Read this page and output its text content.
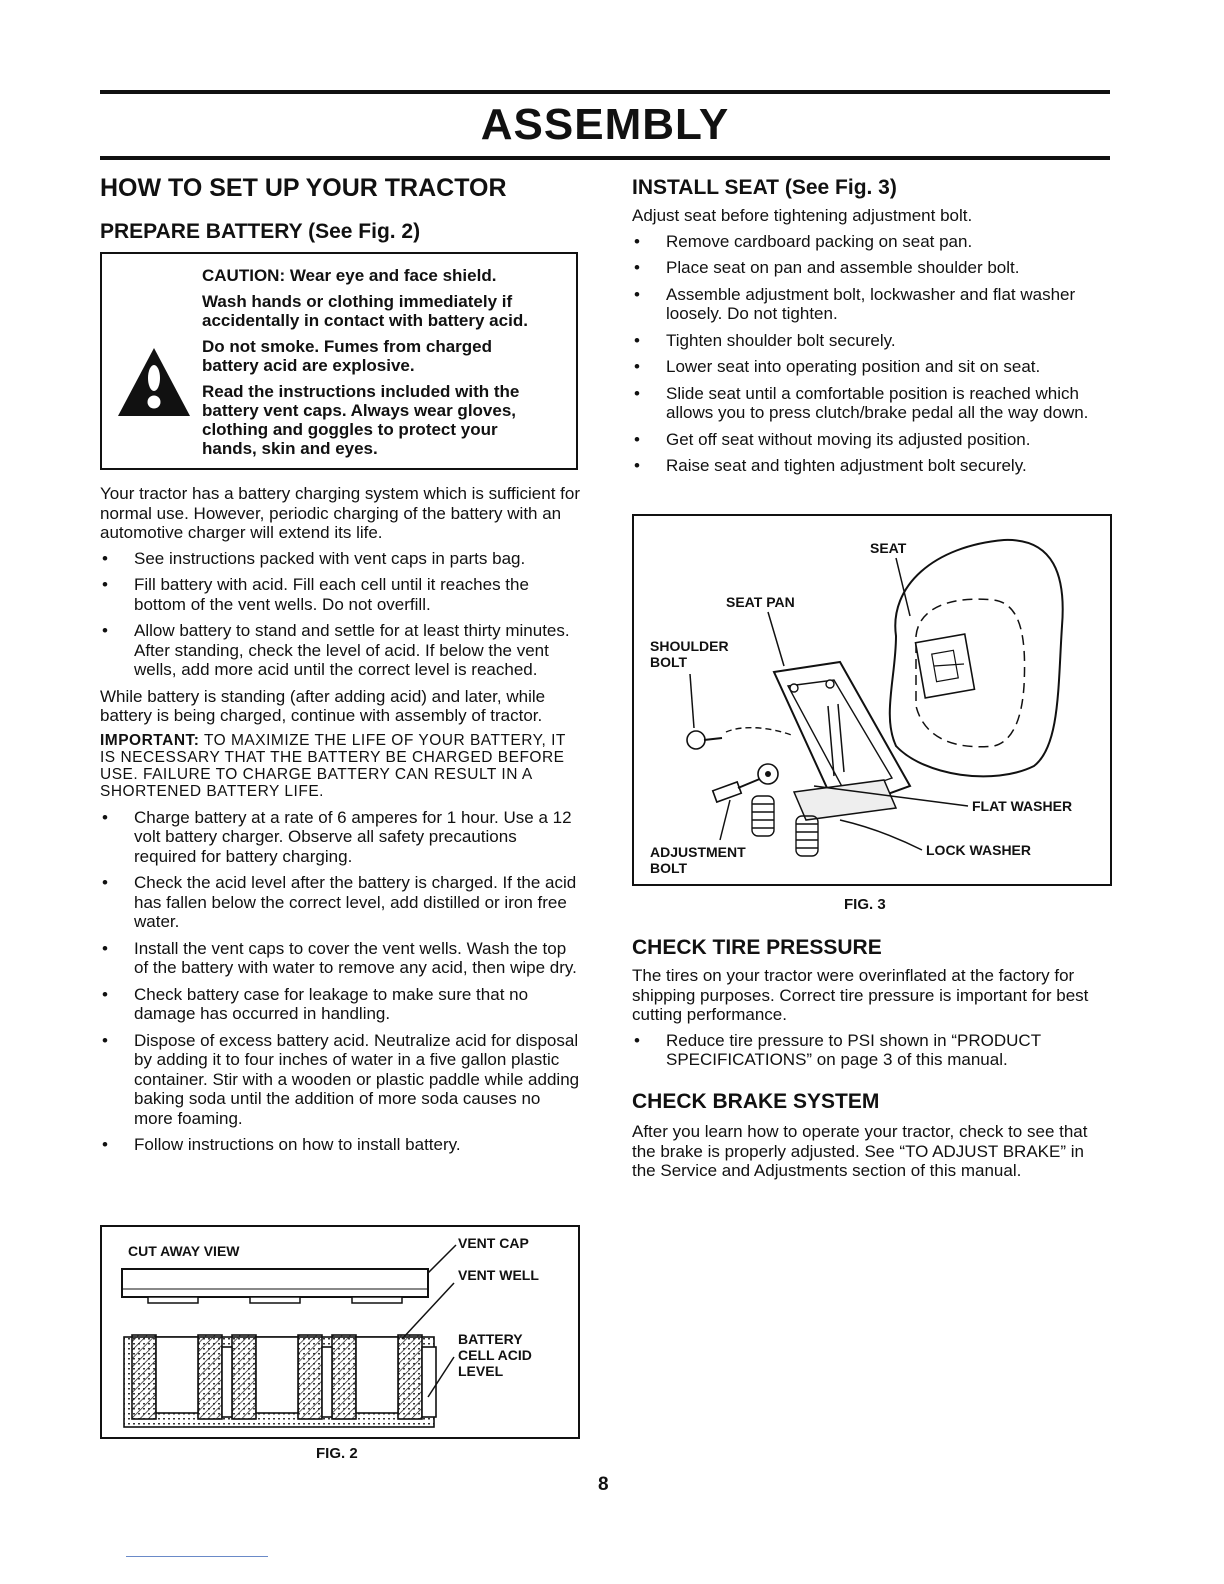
ASSEMBLY
HOW TO SET UP YOUR TRACTOR
PREPARE BATTERY (See Fig. 2)

CAUTION: Wear eye and face shield.

Wash hands or clothing immediately if accidentally in contact with battery acid.

Do not smoke. Fumes from charged battery acid are explosive.

Read the instructions included with the battery vent caps. Always wear gloves, clothing and goggles to protect your hands, skin and eyes.

Your tractor has a battery charging system which is sufficient for normal use. However, periodic charging of the battery with an automotive charger will extend its life.

• See instructions packed with vent caps in parts bag.
• Fill battery with acid. Fill each cell until it reaches the bottom of the vent wells. Do not overfill.
• Allow battery to stand and settle for at least thirty minutes. After standing, check the level of acid. If below the vent wells, add more acid until the correct level is reached.

While battery is standing (after adding acid) and later, while battery is being charged, continue with assembly of tractor.

IMPORTANT: TO MAXIMIZE THE LIFE OF YOUR BATTERY, IT IS NECESSARY THAT THE BATTERY BE CHARGED BEFORE USE. FAILURE TO CHARGE BATTERY CAN RESULT IN A SHORTENED BATTERY LIFE.
• Charge battery at a rate of 6 amperes for 1 hour. Use a 12 volt battery charger. Observe all safety precautions required for battery charging.
• Check the acid level after the battery is charged. If the acid has fallen below the correct level, add distilled or iron free water.
• Install the vent caps to cover the vent wells. Wash the top of the battery with water to remove any acid, then wipe dry.
• Check battery case for leakage to make sure that no damage has occurred in handling.
• Dispose of excess battery acid. Neutralize acid for disposal by adding it to four inches of water in a five gallon plastic container. Stir with a wooden or plastic paddle while adding baking soda until the addition of more soda causes no more foaming.
• Follow instructions on how to install battery.
CUT AWAY VIEW	VENT CAP
VENT WELL
BATTERY
CELL ACID
LEVEL
FIG. 2
INSTALL SEAT (See Fig. 3)

Adjust seat before tightening adjustment bolt.

• Remove cardboard packing on seat pan.
• Place seat on pan and assemble shoulder bolt.
• Assemble adjustment bolt, lockwasher and flat washer loosely. Do not tighten.
• Tighten shoulder bolt securely.
• Lower seat into operating position and sit on seat.
• Slide seat until a comfortable position is reached which allows you to press clutch/brake pedal all the way down.
• Get off seat without moving its adjusted position.
• Raise seat and tighten adjustment bolt securely.
SEAT
SEAT PAN
SHOULDER
BOLT
FLAT WASHER
ADJUSTMENT
BOLT
LOCK WASHER
FIG. 3
CHECK TIRE PRESSURE

The tires on your tractor were overinflated at the factory for shipping purposes. Correct tire pressure is important for best cutting performance.

• Reduce tire pressure to PSI shown in “PRODUCT SPECIFICATIONS” on page 3 of this manual.
CHECK BRAKE SYSTEM

After you learn how to operate your tractor, check to see that the brake is properly adjusted. See “TO ADJUST BRAKE” in the Service and Adjustments section of this manual.

8
